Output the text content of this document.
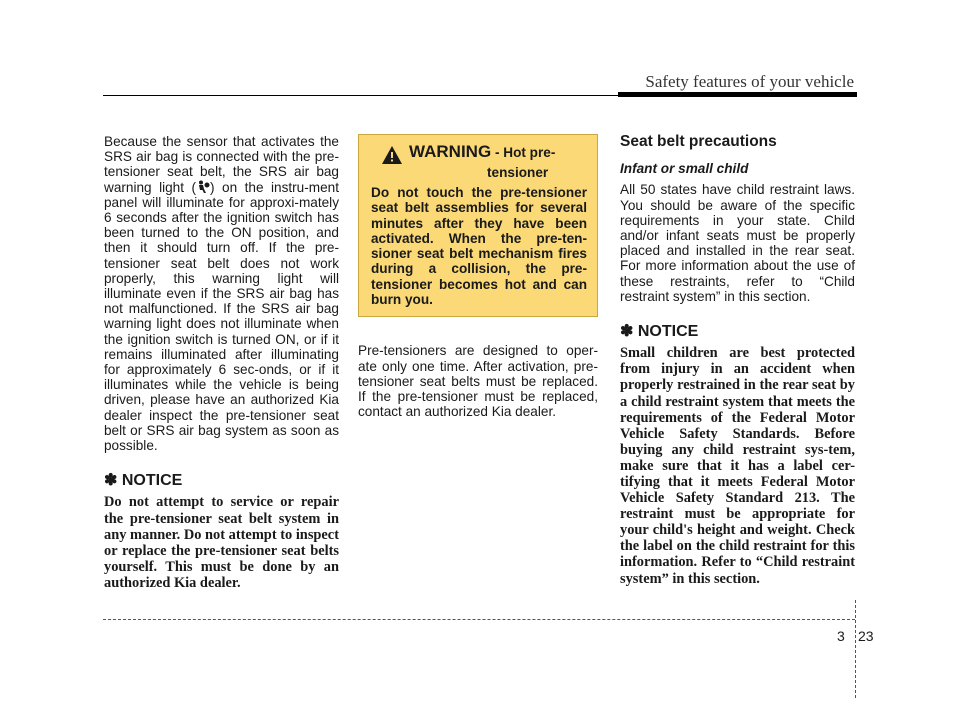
Safety features of your vehicle

Because the sensor that activates the SRS air bag is connected with the pre-tensioner seat belt, the SRS air bag warning light ( ) on the instru-ment panel will illuminate for approxi-mately 6 seconds after the ignition switch has been turned to the ON position, and then it should turn off. If the pre-tensioner seat belt does not work properly, this warning light will illuminate even if the SRS air bag has not malfunctioned. If the SRS air bag warning light does not illuminate when the ignition switch is turned ON, or if it remains illuminated after illuminating for approximately 6 sec-onds, or if it illuminates while the vehicle is being driven, please have an authorized Kia dealer inspect the pre-tensioner seat belt or SRS air bag system as soon as possible.

✽ NOTICE

Do not attempt to service or repair the pre-tensioner seat belt system in any manner. Do not attempt to inspect or replace the pre-tensioner seat belts yourself. This must be done by an authorized Kia dealer.

WARNING - Hot pre-
tensioner

Do not touch the pre-tensioner seat belt assemblies for several minutes after they have been activated. When the pre-ten-sioner seat belt mechanism fires during a collision, the pre-tensioner becomes hot and can burn you.

Pre-tensioners are designed to oper-ate only one time. After activation, pre-tensioner seat belts must be replaced. If the pre-tensioner must be replaced, contact an authorized Kia dealer.

Seat belt precautions
Infant or small child

All 50 states have child restraint laws. You should be aware of the specific requirements in your state. Child and/or infant seats must be properly placed and installed in the rear seat. For more information about the use of these restraints, refer to “Child restraint system” in this section.

✽ NOTICE

Small children are best protected from injury in an accident when properly restrained in the rear seat by a child restraint system that meets the requirements of the Federal Motor Vehicle Safety Standards. Before buying any child restraint sys-tem, make sure that it has a label cer-tifying that it meets Federal Motor Vehicle Safety Standard 213. The restraint must be appropriate for your child's height and weight. Check the label on the child restraint for this information. Refer to “Child restraint system” in this section.

3 23
